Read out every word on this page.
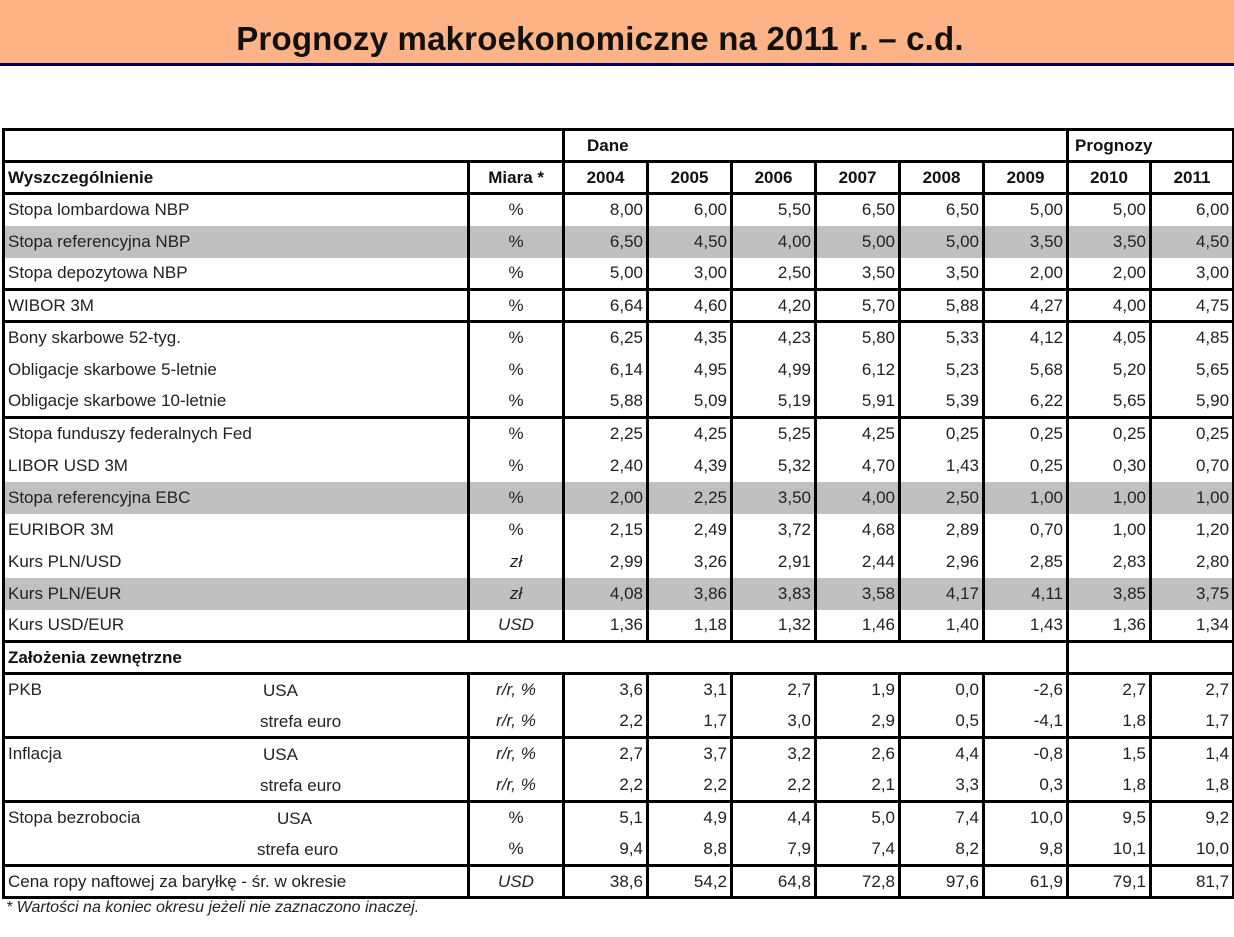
Prognozy makroekonomiczne na 2011 r. – c.d.
		Dane						Prognozy	
Wyszczególnienie	Miara *	2004	2005	2006	2007	2008	2009	2010	2011
Stopa lombardowa NBP	%	8,00	6,00	5,50	6,50	6,50	5,00	5,00	6,00
Stopa referencyjna NBP	%	6,50	4,50	4,00	5,00	5,00	3,50	3,50	4,50
Stopa depozytowa NBP	%	5,00	3,00	2,50	3,50	3,50	2,00	2,00	3,00
WIBOR 3M	%	6,64	4,60	4,20	5,70	5,88	4,27	4,00	4,75
Bony skarbowe 52-tyg.	%	6,25	4,35	4,23	5,80	5,33	4,12	4,05	4,85
Obligacje skarbowe 5-letnie	%	6,14	4,95	4,99	6,12	5,23	5,68	5,20	5,65
Obligacje skarbowe 10-letnie	%	5,88	5,09	5,19	5,91	5,39	6,22	5,65	5,90
Stopa funduszy federalnych Fed	%	2,25	4,25	5,25	4,25	0,25	0,25	0,25	0,25
LIBOR USD 3M	%	2,40	4,39	5,32	4,70	1,43	0,25	0,30	0,70
Stopa referencyjna EBC	%	2,00	2,25	3,50	4,00	2,50	1,00	1,00	1,00
EURIBOR 3M	%	2,15	2,49	3,72	4,68	2,89	0,70	1,00	1,20
Kurs PLN/USD	zł	2,99	3,26	2,91	2,44	2,96	2,85	2,83	2,80
Kurs PLN/EUR	zł	4,08	3,86	3,83	3,58	4,17	4,11	3,85	3,75
Kurs USD/EUR	USD	1,36	1,18	1,32	1,46	1,40	1,43	1,36	1,34
Założenia zewnętrzne									
PKB USA	r/r, %	3,6	3,1	2,7	1,9	0,0	-2,6	2,7	2,7

strefa euro	r/r, %	2,2	1,7	3,0	2,9	0,5	-4,1	1,8	1,7
Inflacja USA	r/r, %	2,7	3,7	3,2	2,6	4,4	-0,8	1,5	1,4

strefa euro	r/r, %	2,2	2,2	2,2	2,1	3,3	0,3	1,8	1,8
Stopa bezrobocia USA	%	5,1	4,9	4,4	5,0	7,4	10,0	9,5	9,2

strefa euro	%	9,4	8,8	7,9	7,4	8,2	9,8	10,1	10,0
Cena ropy naftowej za baryłkę - śr. w okresie	USD	38,6	54,2	64,8	72,8	97,6	61,9	79,1	81,7
* Wartości na koniec okresu jeżeli nie zaznaczono inaczej.
